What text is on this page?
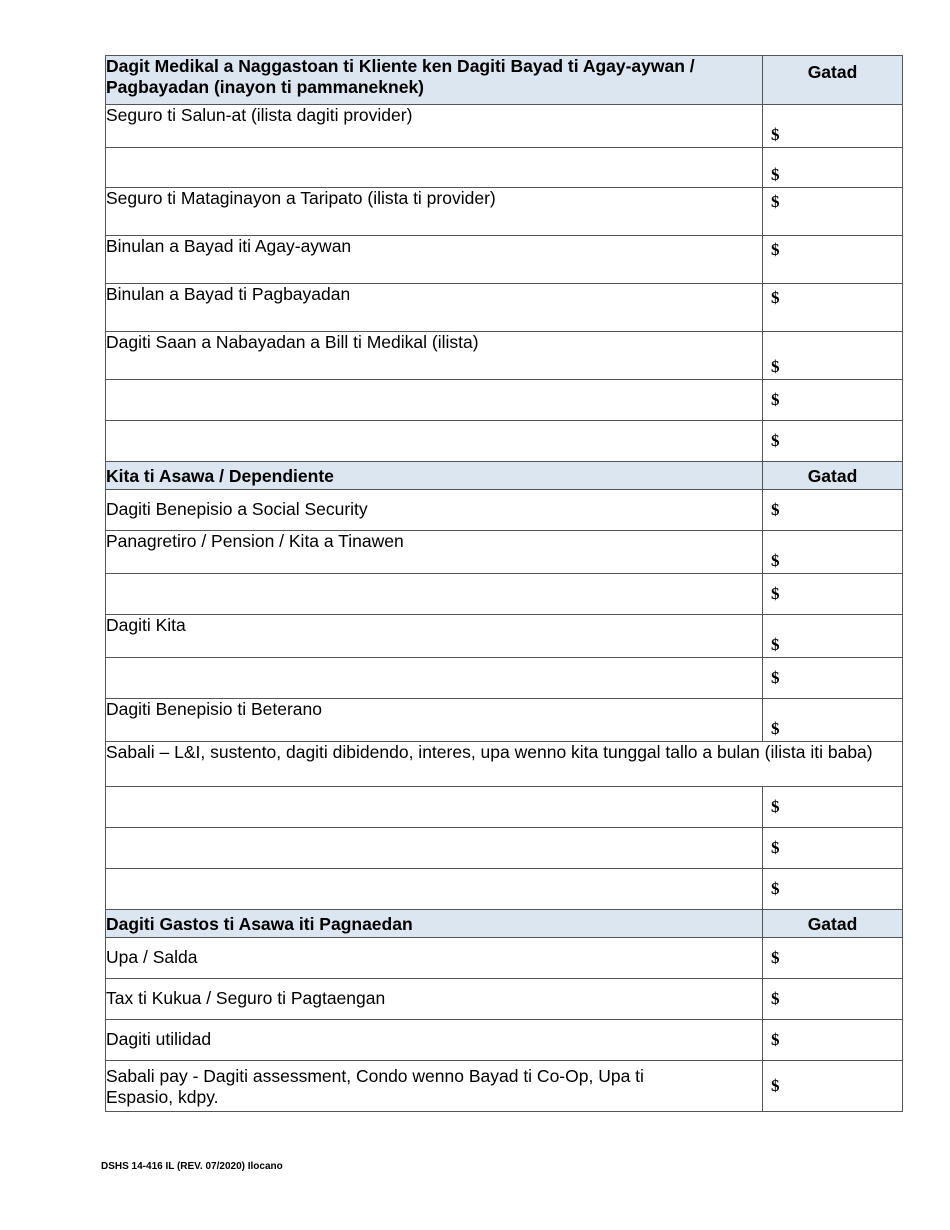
Dagit Medikal a Naggastoan ti Kliente ken Dagiti Bayad ti Agay-aywan / Pagbayadan (inayon ti pammaneknek)	Gatad
Seguro ti Salun-at (ilista dagiti provider)	$

	$

Seguro ti Mataginayon a Taripato (ilista ti provider)	$

Binulan a Bayad iti Agay-aywan	$

Binulan a Bayad ti Pagbayadan	$

Dagiti Saan a Nabayadan a Bill ti Medikal (ilista)	$

	$

	$

Kita ti Asawa / Dependiente	Gatad
Dagiti Benepisio a Social Security	$

Panagretiro / Pension / Kita a Tinawen	$

	$

Dagiti Kita	$

	$

Dagiti Benepisio ti Beterano	$

Sabali – L&I, sustento, dagiti dibidendo, interes, upa wenno kita tunggal tallo a bulan (ilista iti baba)	

	$

	$

	$

Dagiti Gastos ti Asawa iti Pagnaedan	Gatad
Upa / Salda	$

Tax ti Kukua / Seguro ti Pagtaengan	$

Dagiti utilidad	$

Sabali pay - Dagiti assessment, Condo wenno Bayad ti Co-Op, Upa ti Espasio, kdpy.	$
DSHS 14-416 IL (REV. 07/2020) Ilocano
